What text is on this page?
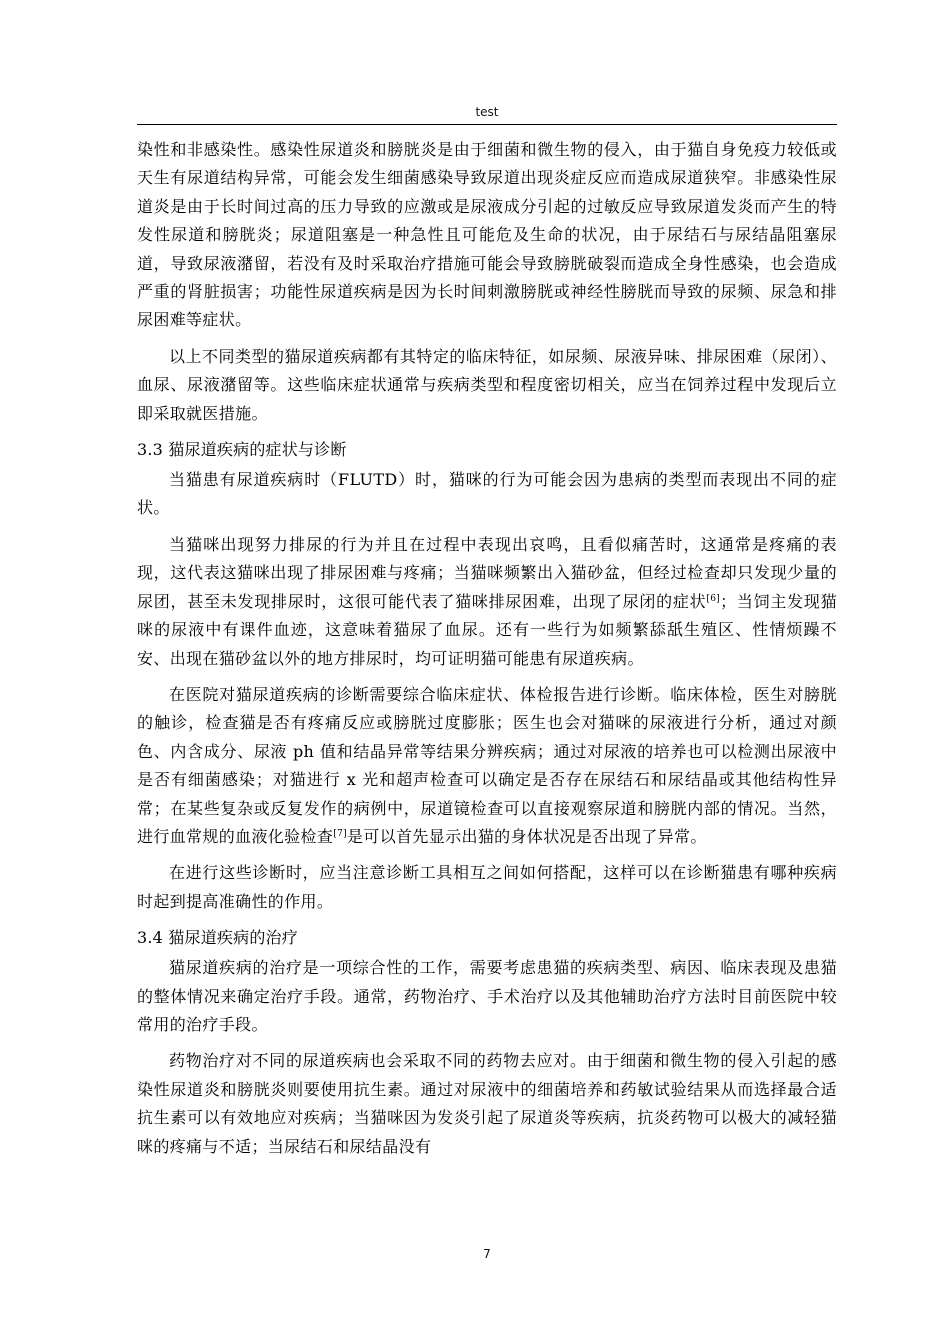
test

染性和非感染性。感染性尿道炎和膀胱炎是由于细菌和微生物的侵入，由于猫自身免疫力较低或天生有尿道结构异常，可能会发生细菌感染导致尿道出现炎症反应而造成尿道狭窄。非感染性尿道炎是由于长时间过高的压力导致的应激或是尿液成分引起的过敏反应导致尿道发炎而产生的特发性尿道和膀胱炎；尿道阻塞是一种急性且可能危及生命的状况，由于尿结石与尿结晶阻塞尿道，导致尿液潴留，若没有及时采取治疗措施可能会导致膀胱破裂而造成全身性感染，也会造成严重的肾脏损害；功能性尿道疾病是因为长时间刺激膀胱或神经性膀胱而导致的尿频、尿急和排尿困难等症状。

以上不同类型的猫尿道疾病都有其特定的临床特征，如尿频、尿液异味、排尿困难（尿闭）、血尿、尿液潴留等。这些临床症状通常与疾病类型和程度密切相关，应当在饲养过程中发现后立即采取就医措施。

3.3 猫尿道疾病的症状与诊断

当猫患有尿道疾病时（FLUTD）时，猫咪的行为可能会因为患病的类型而表现出不同的症状。

当猫咪出现努力排尿的行为并且在过程中表现出哀鸣，且看似痛苦时，这通常是疼痛的表现，这代表这猫咪出现了排尿困难与疼痛；当猫咪频繁出入猫砂盆，但经过检查却只发现少量的尿团，甚至未发现排尿时，这很可能代表了猫咪排尿困难，出现了尿闭的症状[6]；当饲主发现猫咪的尿液中有课件血迹，这意味着猫尿了血尿。还有一些行为如频繁舔舐生殖区、性情烦躁不安、出现在猫砂盆以外的地方排尿时，均可证明猫可能患有尿道疾病。

在医院对猫尿道疾病的诊断需要综合临床症状、体检报告进行诊断。临床体检，医生对膀胱的触诊，检查猫是否有疼痛反应或膀胱过度膨胀；医生也会对猫咪的尿液进行分析，通过对颜色、内含成分、尿液 ph 值和结晶异常等结果分辨疾病；通过对尿液的培养也可以检测出尿液中是否有细菌感染；对猫进行 x 光和超声检查可以确定是否存在尿结石和尿结晶或其他结构性异常；在某些复杂或反复发作的病例中，尿道镜检查可以直接观察尿道和膀胱内部的情况。当然，进行血常规的血液化验检查[7]是可以首先显示出猫的身体状况是否出现了异常。

在进行这些诊断时，应当注意诊断工具相互之间如何搭配，这样可以在诊断猫患有哪种疾病时起到提高准确性的作用。

3.4 猫尿道疾病的治疗

猫尿道疾病的治疗是一项综合性的工作，需要考虑患猫的疾病类型、病因、临床表现及患猫的整体情况来确定治疗手段。通常，药物治疗、手术治疗以及其他辅助治疗方法时目前医院中较常用的治疗手段。

药物治疗对不同的尿道疾病也会采取不同的药物去应对。由于细菌和微生物的侵入引起的感染性尿道炎和膀胱炎则要使用抗生素。通过对尿液中的细菌培养和药敏试验结果从而选择最合适抗生素可以有效地应对疾病；当猫咪因为发炎引起了尿道炎等疾病，抗炎药物可以极大的减轻猫咪的疼痛与不适；当尿结石和尿结晶没有

7
